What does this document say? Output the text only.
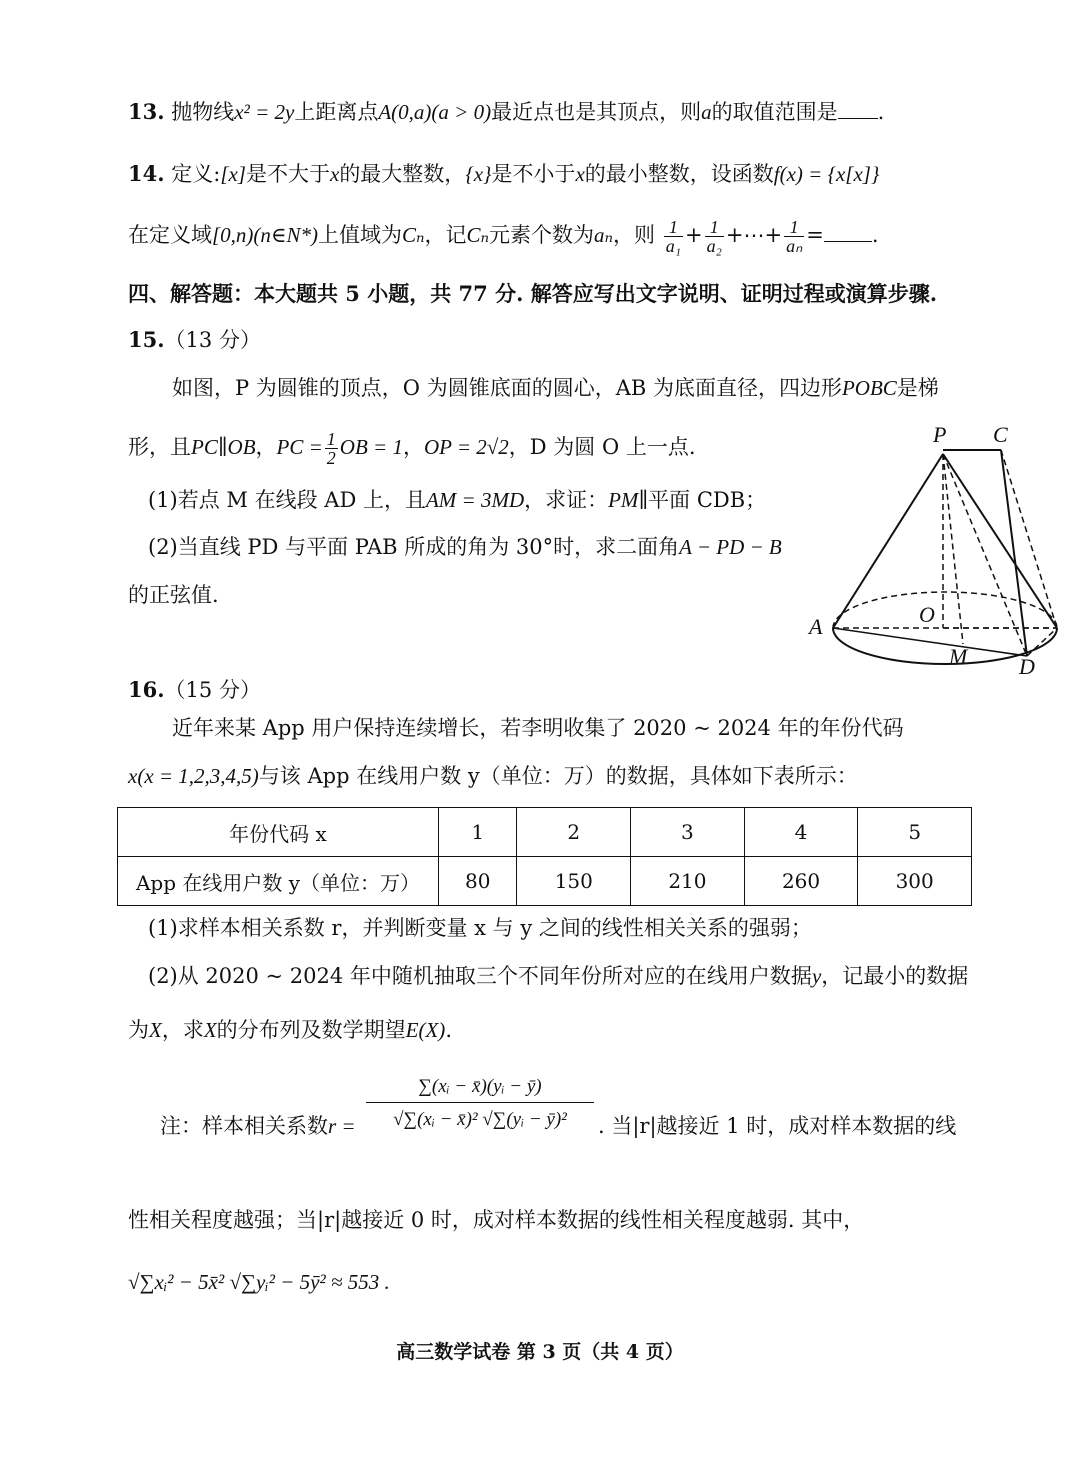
13. 抛物线x² = 2y上距离点A(0,a)(a > 0)最近点也是其顶点，则a的取值范围是 .
14. 定义:[x]是不大于x的最大整数，{x}是不小于x的最小整数，设函数f(x) = {x[x]}
在定义域[0,n)(n∈N*)上值域为Cₙ，记Cₙ元素个数为aₙ，则 $\frac{1}{\text{a₁}} + \frac{1}{\text{a₂}}$ +⋯+ $\frac{1}{\text{aₙ}}$ = .
四、解答题：本大题共 5 小题，共 77 分. 解答应写出文字说明、证明过程或演算步骤.
15.（13 分）
如图，P 为圆锥的顶点，O 为圆锥底面的圆心，AB 为底面直径，四边形POBC是梯
形，且PC∥OB，PC = $\frac{1}{2}$ OB = 1，OP = 2√2，D 为圆 O 上一点.
(1)若点 M 在线段 AD 上，且AM = 3MD，求证：PM∥平面 CDB；
(2)当直线 PD 与平面 PAB 所成的角为 30°时，求二面角A − PD − B
的正弦值.
P C
O
A
M D
16.（15 分）
近年来某 App 用户保持连续增长，若李明收集了 2020 ~ 2024 年的年份代码
x(x = 1,2,3,4,5)与该 App 在线用户数 y（单位：万）的数据，具体如下表所示：
年份代码 x	1	2	3	4	5
App 在线用户数 y（单位：万）	80	150	210	260	300
(1)求样本相关系数 r，并判断变量 x 与 y 之间的线性相关关系的强弱；
(2)从 2020 ~ 2024 年中随机抽取三个不同年份所对应的在线用户数据y，记最小的数据
为X，求X的分布列及数学期望E(X).
注：样本相关系数$r = \frac{\text{∑(xᵢ − x̄)(yᵢ − ȳ)}}{\text{√∑(xᵢ − x̄)² √∑(yᵢ − ȳ)²}}$ . 当|r|越接近 1 时，成对样本数据的线
性相关程度越强；当|r|越接近 0 时，成对样本数据的线性相关程度越弱. 其中，
√∑xᵢ² − 5x̄² √∑yᵢ² − 5ȳ² ≈ 553 .
高三数学试卷 第 3 页（共 4 页）
